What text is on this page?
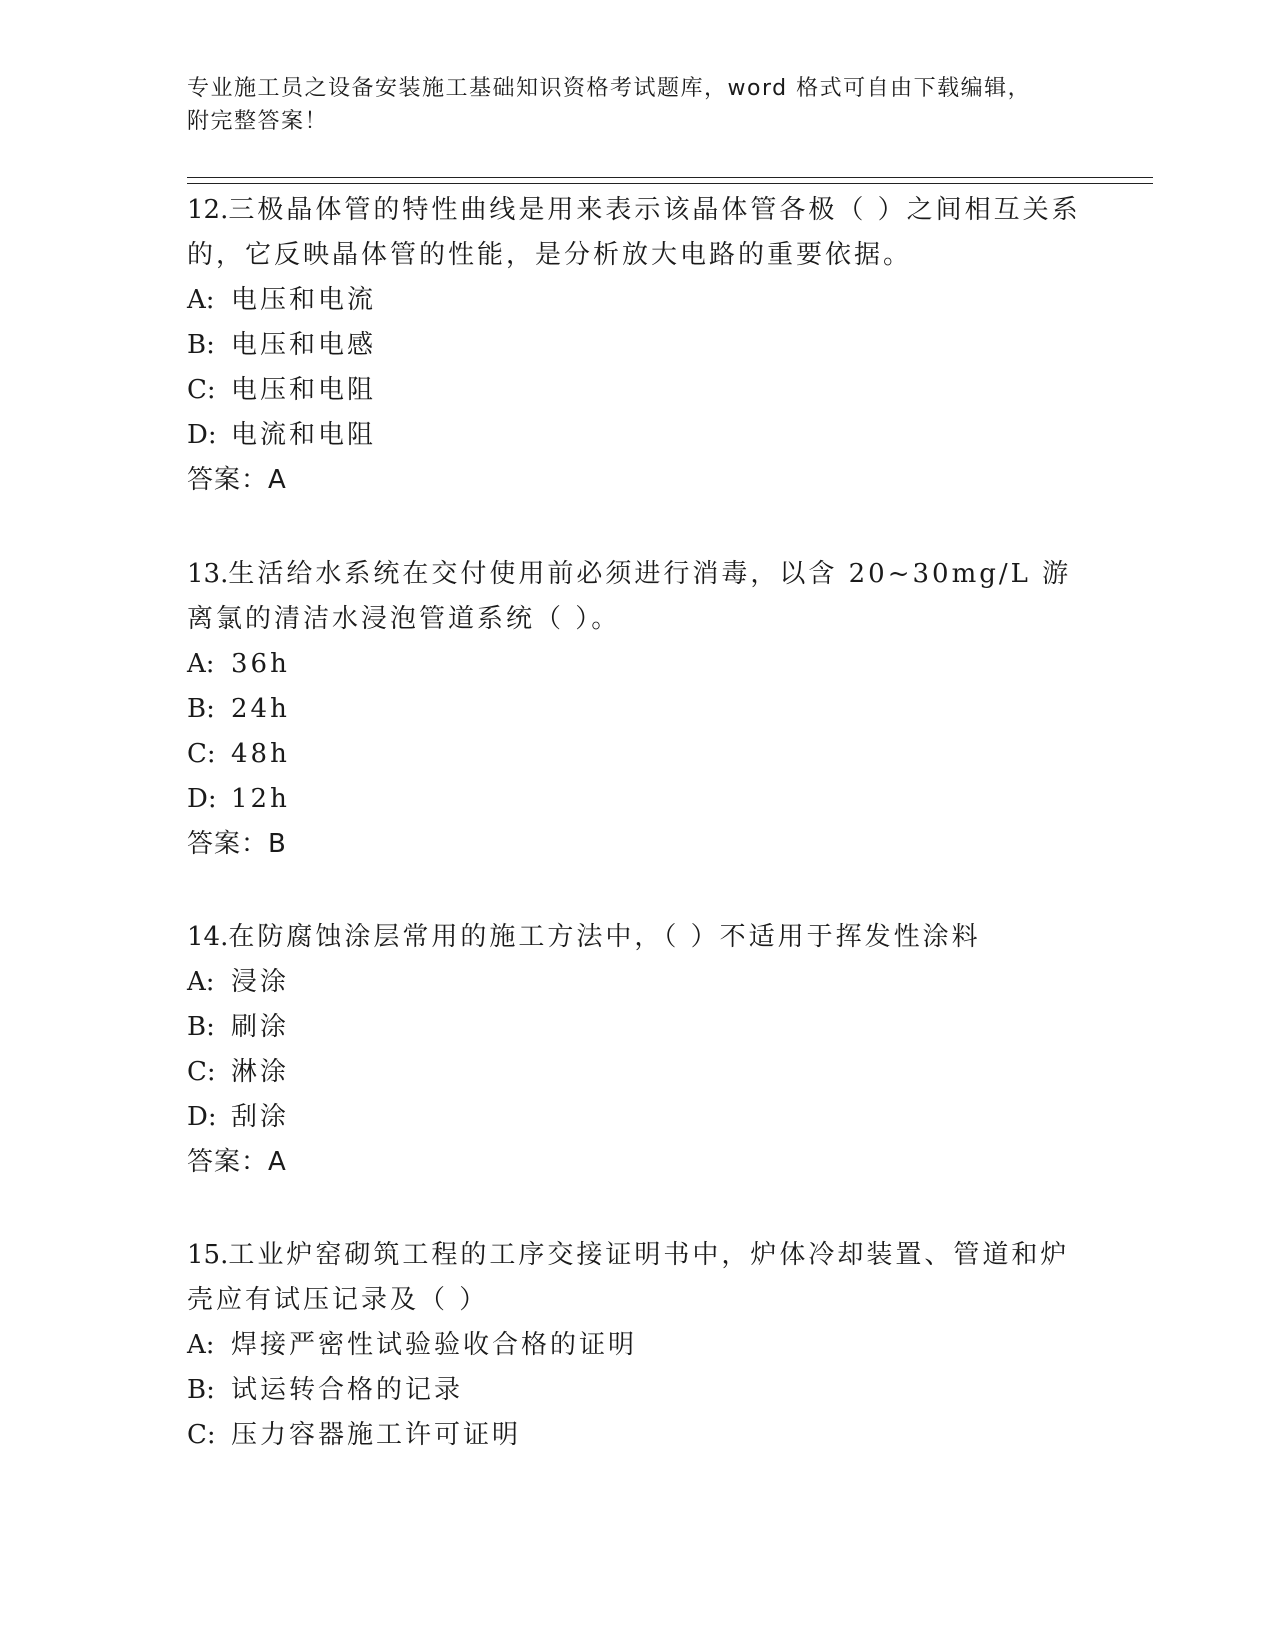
专业施工员之设备安装施工基础知识资格考试题库，word 格式可自由下载编辑，
附完整答案！

12.三极晶体管的特性曲线是用来表示该晶体管各极（ ）之间相互关系的，它反映晶体管的性能，是分析放大电路的重要依据。

A: 电压和电流
B: 电压和电感
C: 电压和电阻
D: 电流和电阻
答案：A

13.生活给水系统在交付使用前必须进行消毒，以含 20~30mg/L 游离氯的清洁水浸泡管道系统（ ）。

A: 36h
B: 24h
C: 48h
D: 12h
答案：B

14.在防腐蚀涂层常用的施工方法中，（ ）不适用于挥发性涂料

A: 浸涂
B: 刷涂
C: 淋涂
D: 刮涂
答案：A

15.工业炉窑砌筑工程的工序交接证明书中，炉体冷却装置、管道和炉壳应有试压记录及（ ）

A: 焊接严密性试验验收合格的证明
B: 试运转合格的记录
C: 压力容器施工许可证明
